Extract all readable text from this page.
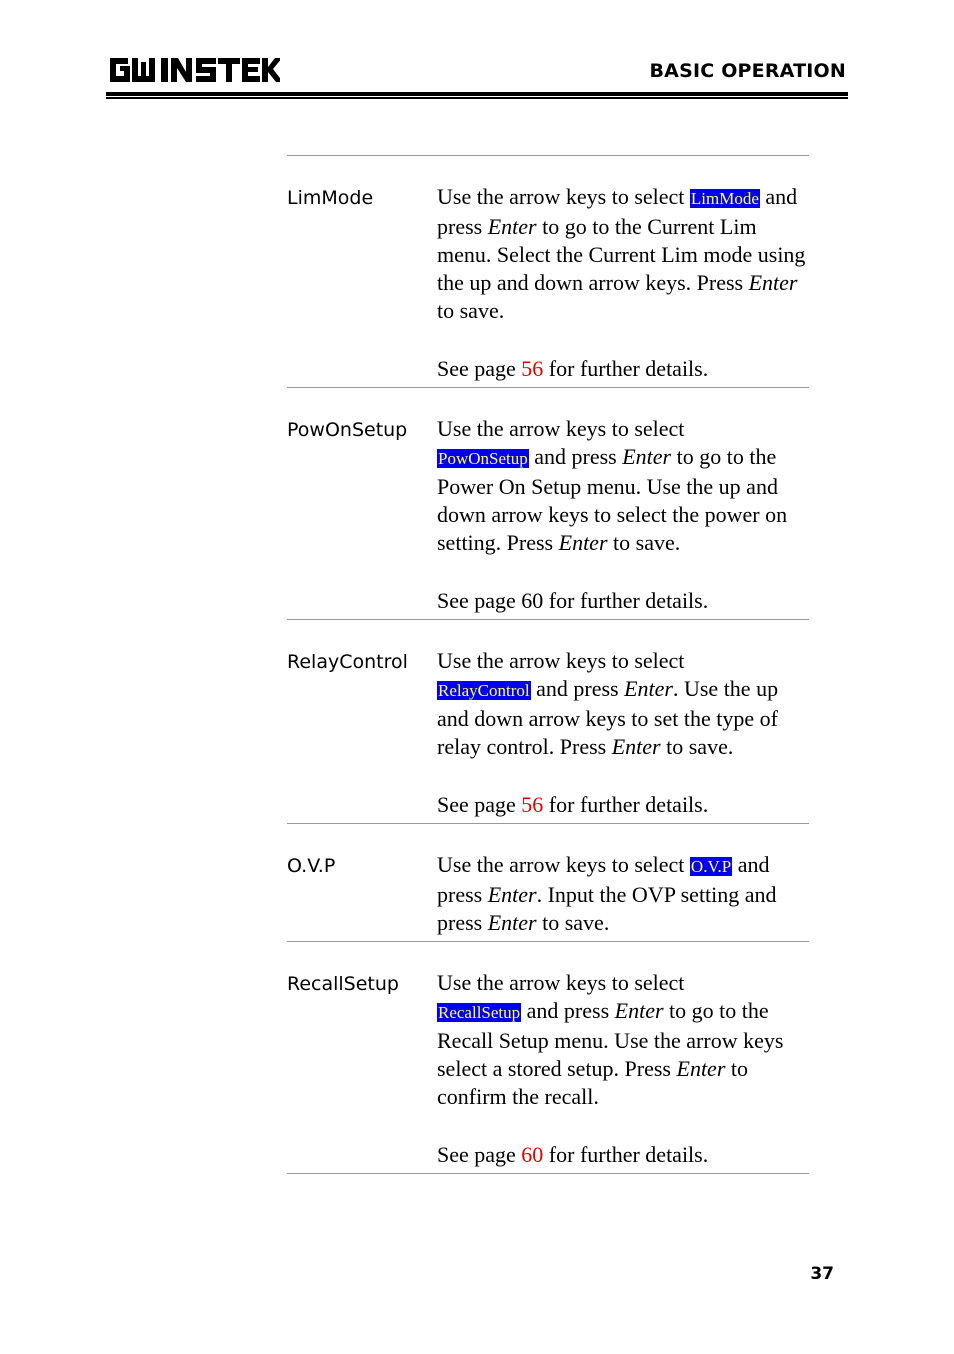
BASIC OPERATION
LimMode	Use the arrow keys to select LimMode and press Enter to go to the Current Lim menu. Select the Current Lim mode using the up and down arrow keys. Press Enter to save.

See page 56 for further details.

PowOnSetup Use the arrow keys to select
PowOnSetup and press Enter to go to the Power On Setup menu. Use the up and down arrow keys to select the power on setting. Press Enter to save.

See page 60 for further details.

RelayControl Use the arrow keys to select
RelayControl and press Enter. Use the up and down arrow keys to set the type of relay control. Press Enter to save.

See page 56 for further details.

O.V.P	Use the arrow keys to select O.V.P and press Enter. Input the OVP setting and press Enter to save.

RecallSetup Use the arrow keys to select
RecallSetup and press Enter to go to the Recall Setup menu. Use the arrow keys select a stored setup. Press Enter to confirm the recall.

See page 60 for further details.

37
